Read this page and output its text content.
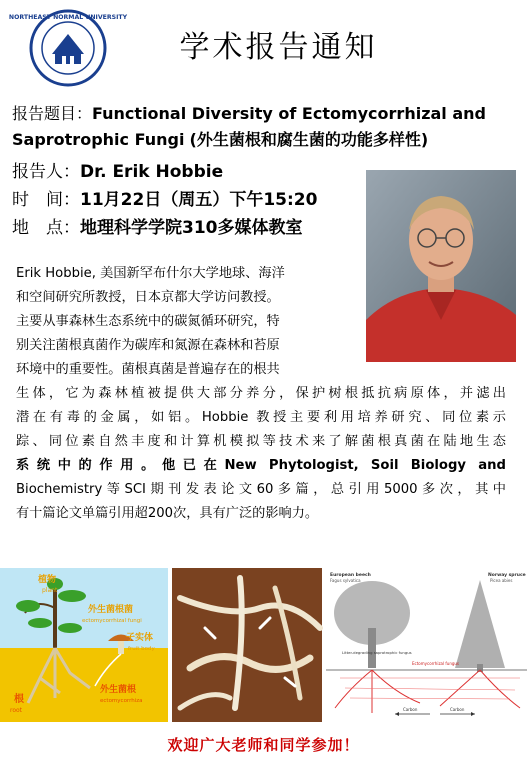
NORTHEAST NORMAL UNIVERSITY
学术报告通知
报告题目：Functional Diversity of Ectomycorrhizal and
Saprotrophic Fungi (外生菌根和腐生菌的功能多样性)
报告人：Dr. Erik Hobbie
时　间：11月22日（周五）下午15:20
地　点：地理科学学院310多媒体教室
Erik Hobbie, 美国新罕布什尔大学地球、海洋
和空间研究所教授，日本京都大学访问教授。
主要从事森林生态系统中的碳氮循环研究，特
别关注菌根真菌作为碳库和氮源在森林和苔原
环境中的重要性。菌根真菌是普遍存在的根共
生体，它为森林植被提供大部分养分，保护树根抵抗病原体，并滤出
潜在有毒的金属，如铝。Hobbie 教授主要利用培养研究、同位素示
踪、同位素自然丰度和计算机模拟等技术来了解菌根真菌在陆地生态
系统中的作用。他已在New Phytologist, Soil Biology and
Biochemistry等SCI期刊发表论文60多篇，总引用5000多次，其中
有十篇论文单篇引用超200次，具有广泛的影响力。
植物
plant
外生菌根菌
ectomycorrhizal fungi
子实体
fruit body
根
root
外生菌根
ectomycorrhiza
European beech
Fagus sylvatica
Norway spruce
Picea abies
Litter-degrading saprotrophic fungus
Ectomycorrhizal fungus
Carbon	Carbon
欢迎广大老师和同学参加！
